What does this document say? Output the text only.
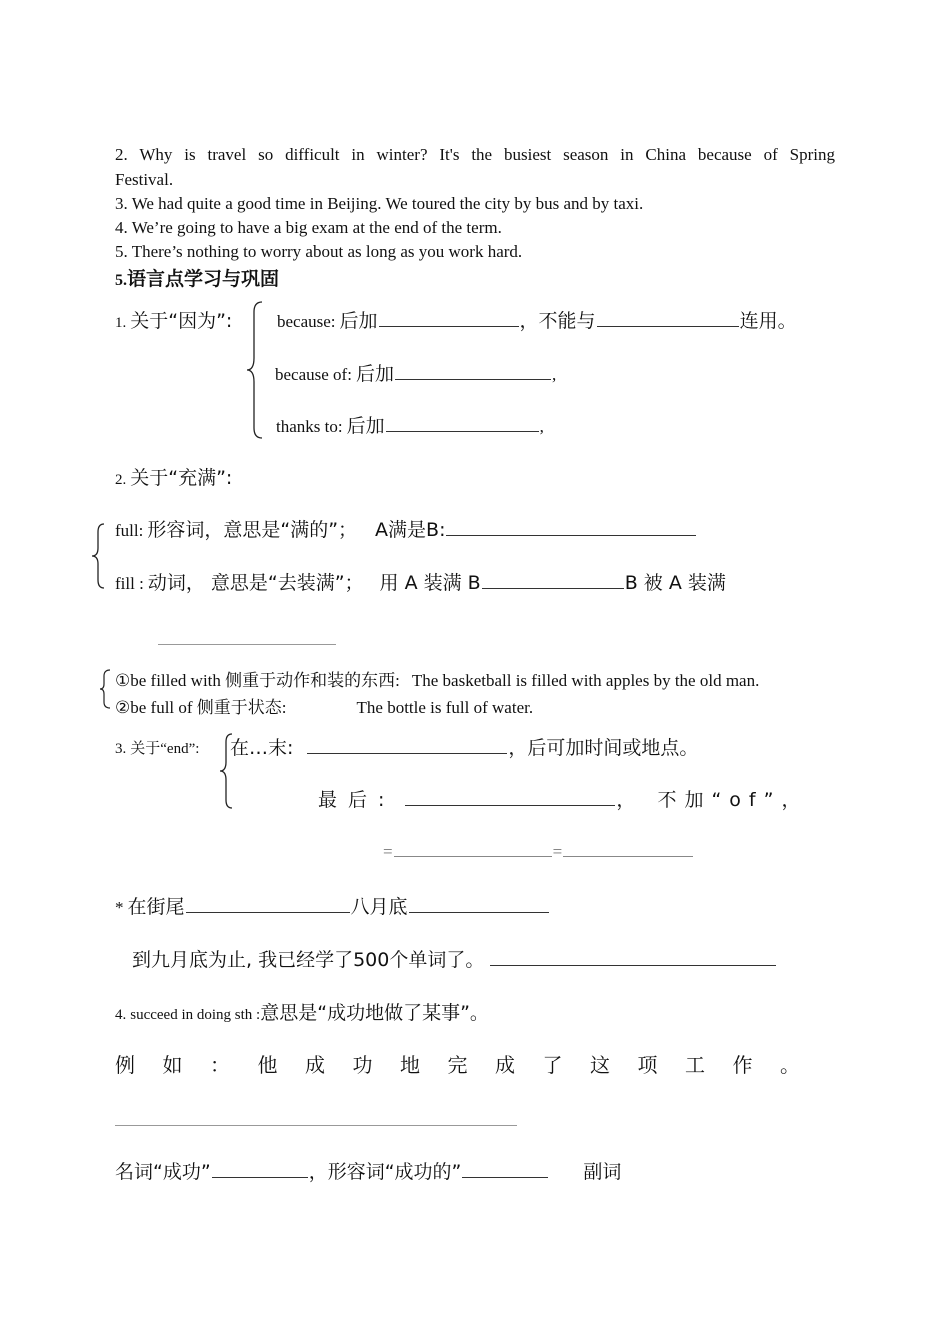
2. Why is travel so difficult in winter? It's the busiest season in China because of Spring
Festival.
3. We had quite a good time in Beijing. We toured the city by bus and by taxi.
4. We’re going to have a big exam at the end of the term.
5. There’s nothing to worry about as long as you work hard.
5.语言点学习与巩固
1. 关于“因为”:	because: 后加	，不能与	连用。
because of: 后加	,
thanks to: 后加	,
2. 关于“充满”:
full: 形容词，意思是“满的”； A满是B:
fill : 动词， 意思是“去装满”； 用 A 装满 B	B 被 A 装满
①be filled with 侧重于动作和装的东西: The basketball is filled with apples by the old man.
②be full of 侧重于状态:	The bottle is full of water.
3. 关于“end”: 在…末:	，后可加时间或地点。
最后:	， 不加“of”，
=	=
* 在街尾	八月底
到九月底为止, 我已经学了500个单词了。
4. succeed in doing sth :意思是“成功地做了某事”。
例如：他成功地完成了这项工作。
名词“成功”	，形容词“成功的”	副词
